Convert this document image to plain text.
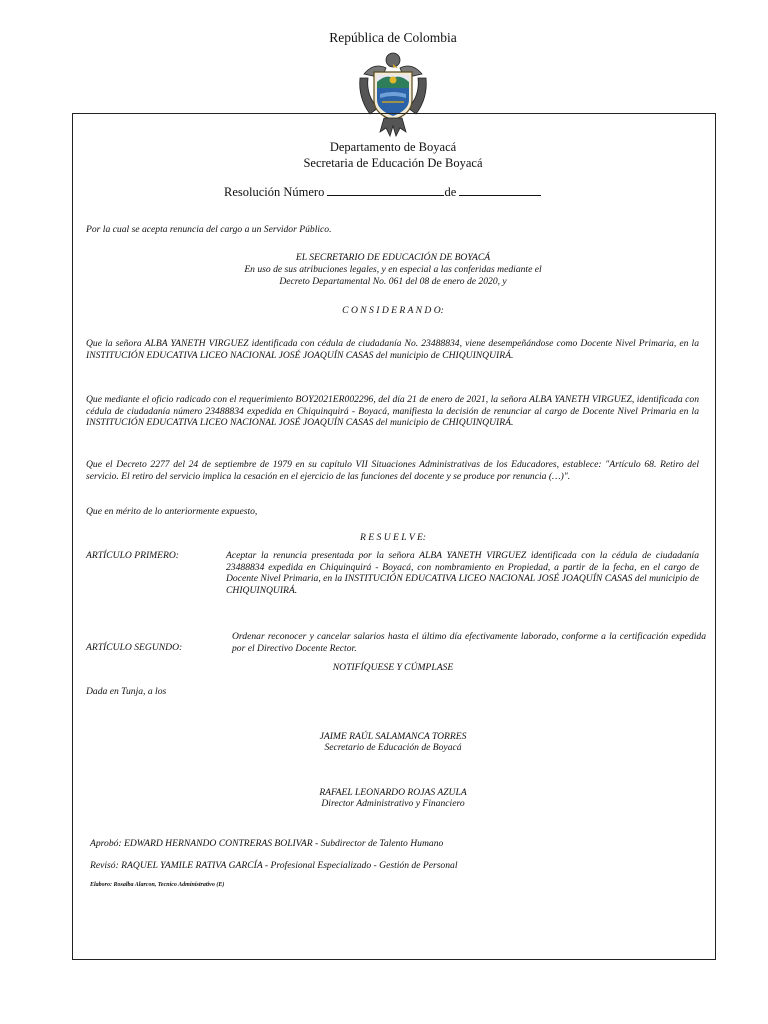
República de Colombia
Departamento de Boyacá
Secretaria de Educación De Boyacá
Resolución Número	de
Por la cual se acepta renuncia del cargo a un Servidor Público.
EL SECRETARIO DE EDUCACIÓN DE BOYACÁ
En uso de sus atribuciones legales, y en especial a las conferidas mediante el
Decreto Departamental No. 061 del 08 de enero de 2020, y
C O N S I D E R A N D O:
Que la señora ALBA YANETH VIRGUEZ identificada con cédula de ciudadanía No. 23488834, viene desempeñándose como Docente Nivel Primaria, en la INSTITUCIÓN EDUCATIVA LICEO NACIONAL JOSÉ JOAQUÍN CASAS del municipio de CHIQUINQUIRÁ.
Que mediante el oficio radicado con el requerimiento BOY2021ER002296, del día 21 de enero de 2021, la señora ALBA YANETH VIRGUEZ, identificada con cédula de ciudadanía número 23488834 expedida en Chiquinquirá - Boyacá, manifiesta la decisión de renunciar al cargo de Docente Nivel Primaria en la INSTITUCIÓN EDUCATIVA LICEO NACIONAL JOSÉ JOAQUÍN CASAS del municipio de CHIQUINQUIRÁ.
Que el Decreto 2277 del 24 de septiembre de 1979 en su capítulo VII Situaciones Administrativas de los Educadores, establece: "Artículo 68. Retiro del servicio. El retiro del servicio implica la cesación en el ejercicio de las funciones del docente y se produce por renuncia (…)".
Que en mérito de lo anteriormente expuesto,
R E S U E L V E:
ARTÍCULO PRIMERO:	Aceptar la renuncia presentada por la señora ALBA YANETH VIRGUEZ identificada con la cédula de ciudadanía 23488834 expedida en Chiquinquirá - Boyacá, con nombramiento en Propiedad, a partir de la fecha, en el cargo de Docente Nivel Primaria, en la INSTITUCIÓN EDUCATIVA LICEO NACIONAL JOSÉ JOAQUÍN CASAS del municipio de CHIQUINQUIRÁ.
Ordenar reconocer y cancelar salarios hasta el último día efectivamente laborado, conforme a la certificación expedida por el Directivo Docente Rector.
ARTÍCULO SEGUNDO:
NOTIFÍQUESE Y CÚMPLASE
Dada en Tunja, a los
JAIME RAÚL SALAMANCA TORRES
Secretario de Educación de Boyacá
RAFAEL LEONARDO ROJAS AZULA
Director Administrativo y Financiero
Aprobó: EDWARD HERNANDO CONTRERAS BOLIVAR - Subdirector de Talento Humano
Revisó: RAQUEL YAMILE RATIVA GARCÍA - Profesional Especializado - Gestión de Personal
Elaboro: Rosalba Alarcon, Tecnico Administrativo (E)
